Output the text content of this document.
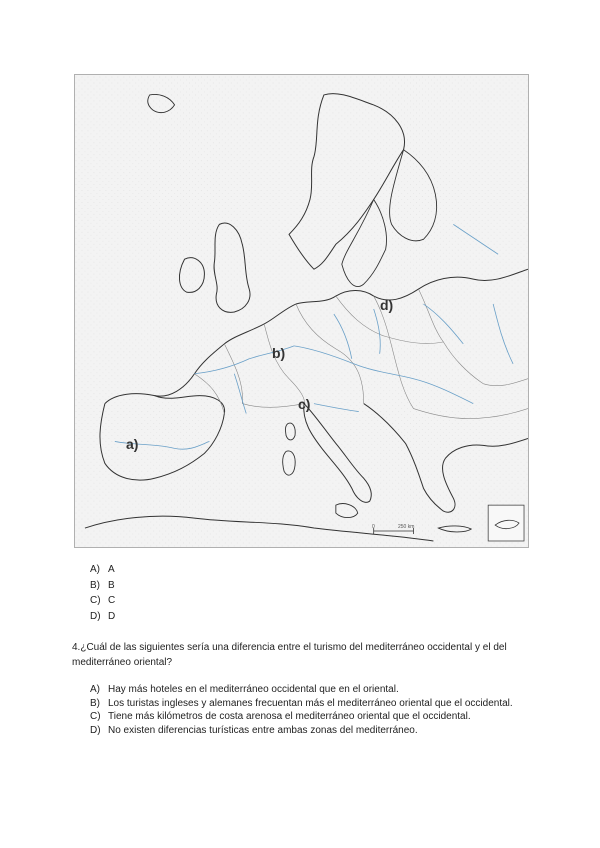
a)
b)
c)
d)
0	250 km
A) A
B) B
C) C
D) D
4.¿Cuál de las siguientes sería una diferencia entre el turismo del mediterráneo occidental y el del mediterráneo oriental?
A) Hay más hoteles en el mediterráneo occidental que en el oriental.
B) Los turistas ingleses y alemanes frecuentan más el mediterráneo oriental que el occidental.
C) Tiene más kilómetros de costa arenosa el mediterráneo oriental que el occidental.
D) No existen diferencias turísticas entre ambas zonas del mediterráneo.
